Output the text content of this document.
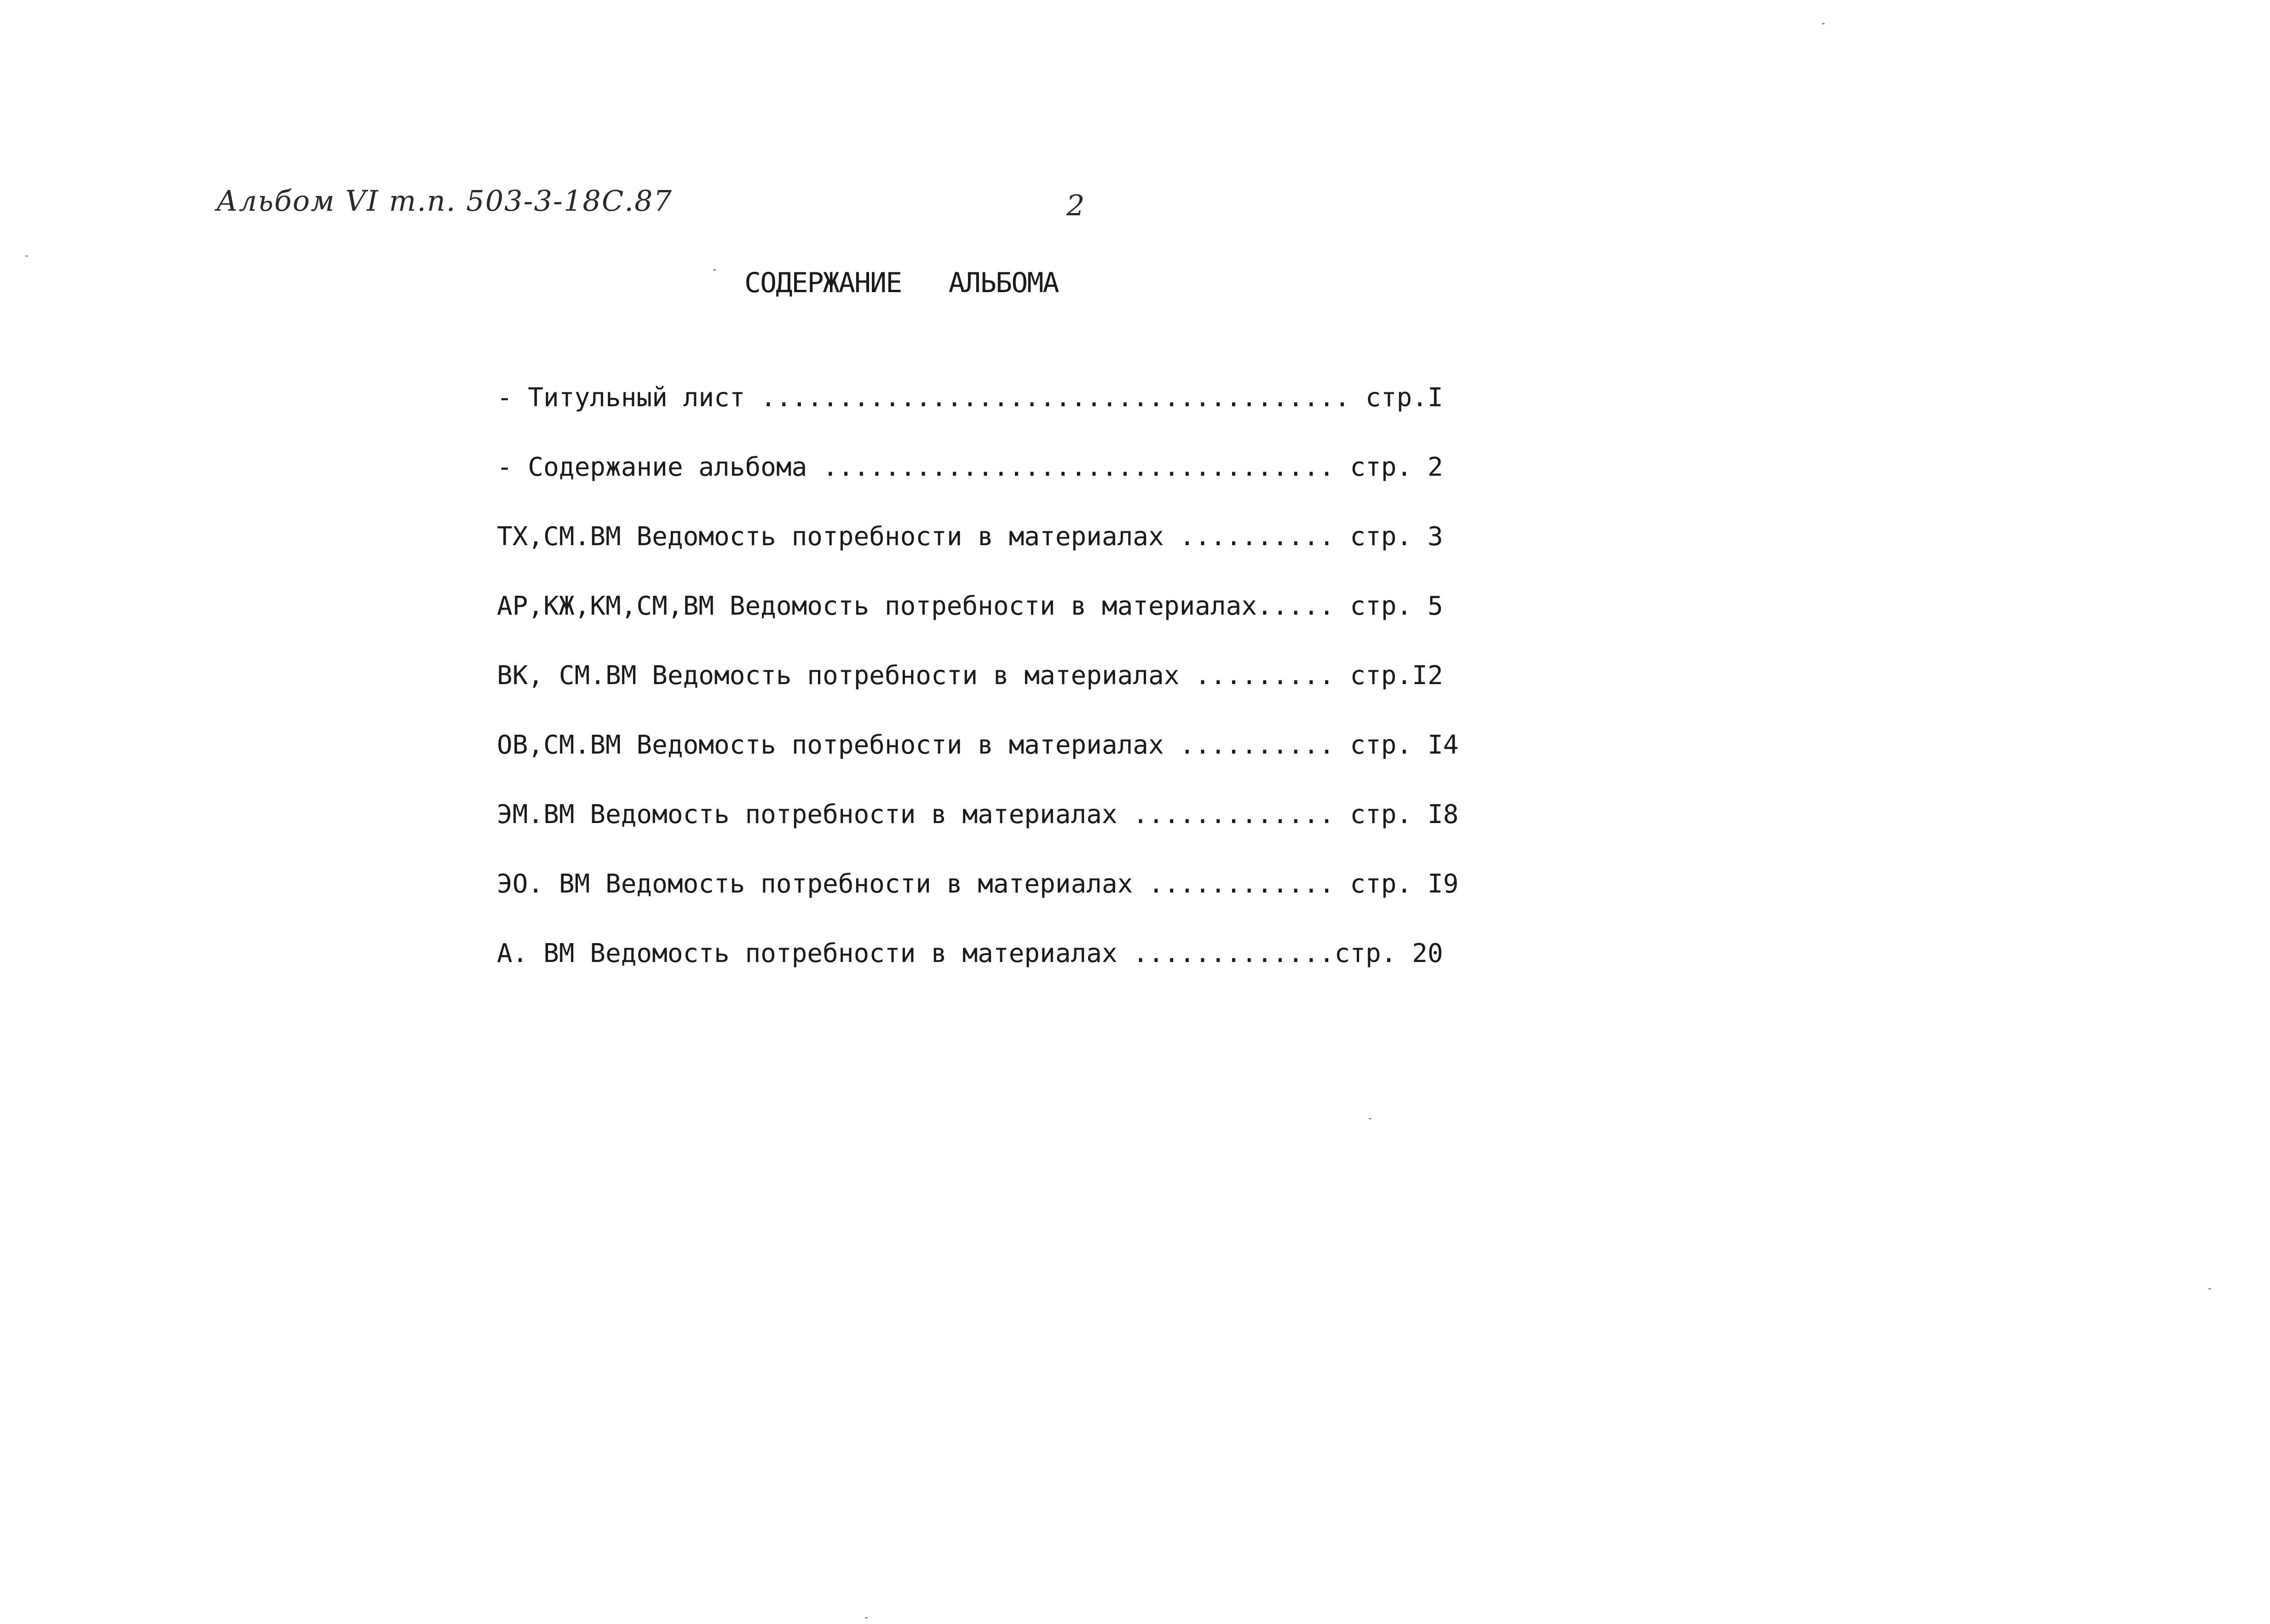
Альбом VI т.п. 503-3-18С.87	2
СОДЕРЖАНИЕ   АЛЬБОМА
- Титульный лист ...................................... стр.I
- Содержание альбома ................................. стр. 2
ТХ,СМ.ВМ Ведомость потребности в материалах .......... стр. 3
АР,КЖ,КМ,СМ,ВМ Ведомость потребности в материалах..... стр. 5
ВК, СМ.ВМ Ведомость потребности в материалах ......... стр.I2
ОВ,СМ.ВМ Ведомость потребности в материалах .......... стр. I4
ЭМ.ВМ Ведомость потребности в материалах ............. стр. I8
ЭО. ВМ Ведомость потребности в материалах ............ стр. I9
А. ВМ Ведомость потребности в материалах .............стр. 20
